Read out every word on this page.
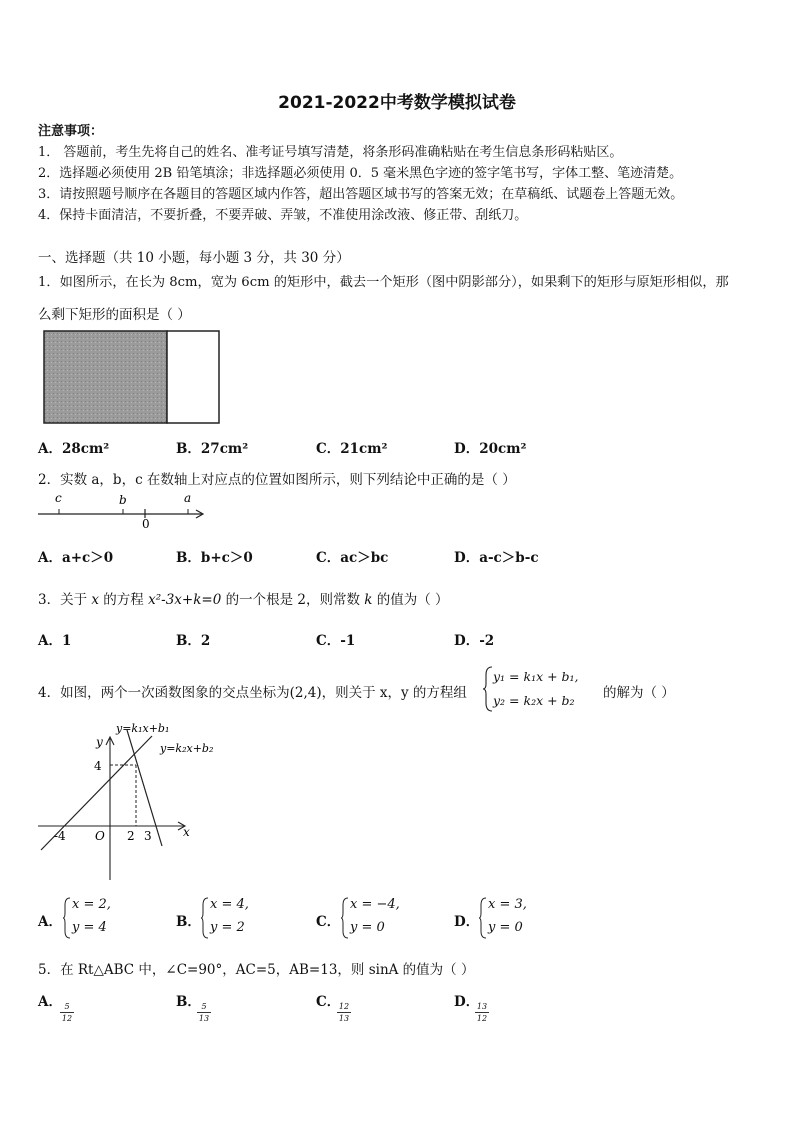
2021-2022中考数学模拟试卷
注意事项：
1． 答题前，考生先将自己的姓名、准考证号填写清楚，将条形码准确粘贴在考生信息条形码粘贴区。
2．选择题必须使用 2B 铅笔填涂；非选择题必须使用 0．5 毫米黑色字迹的签字笔书写，字体工整、笔迹清楚。
3．请按照题号顺序在各题目的答题区域内作答，超出答题区域书写的答案无效；在草稿纸、试题卷上答题无效。
4．保持卡面清洁，不要折叠，不要弄破、弄皱，不准使用涂改液、修正带、刮纸刀。
一、选择题（共 10 小题，每小题 3 分，共 30 分）
1．如图所示，在长为 8cm，宽为 6cm 的矩形中，截去一个矩形（图中阴影部分），如果剩下的矩形与原矩形相似，那
么剩下矩形的面积是（ ）
A．28cm²	B．27cm²	C．21cm²	D．20cm²
2．实数 a，b，c 在数轴上对应点的位置如图所示，则下列结论中正确的是（ ）
c	b	a
0
A．a+c＞0	B．b+c＞0	C．ac＞bc	D．a-c＞b-c
3．关于 x 的方程 x²-3x+k=0 的一个根是 2，则常数 k 的值为（ ）
A．1	B．2	C．-1	D．-2
4．如图，两个一次函数图象的交点坐标为(2,4)，则关于 x，y 的方程组
y₁ = k₁x + b₁,
y₂ = k₂x + b₂ 的解为（ ）
y=k₁x+b₁
y=k₂x+b₂
y
x
O
4
-4	2 3
A．
x = 2,
y = 4	B．
x = 4,
y = 2	C．
x = −4,
y = 0	D．
x = 3,
y = 0
5．在 Rt△ABC 中，∠C=90°，AC=5，AB=13，则 sinA 的值为（ ）
A． 5
12
B． 5
13
C．
12
13
D．
13
12
